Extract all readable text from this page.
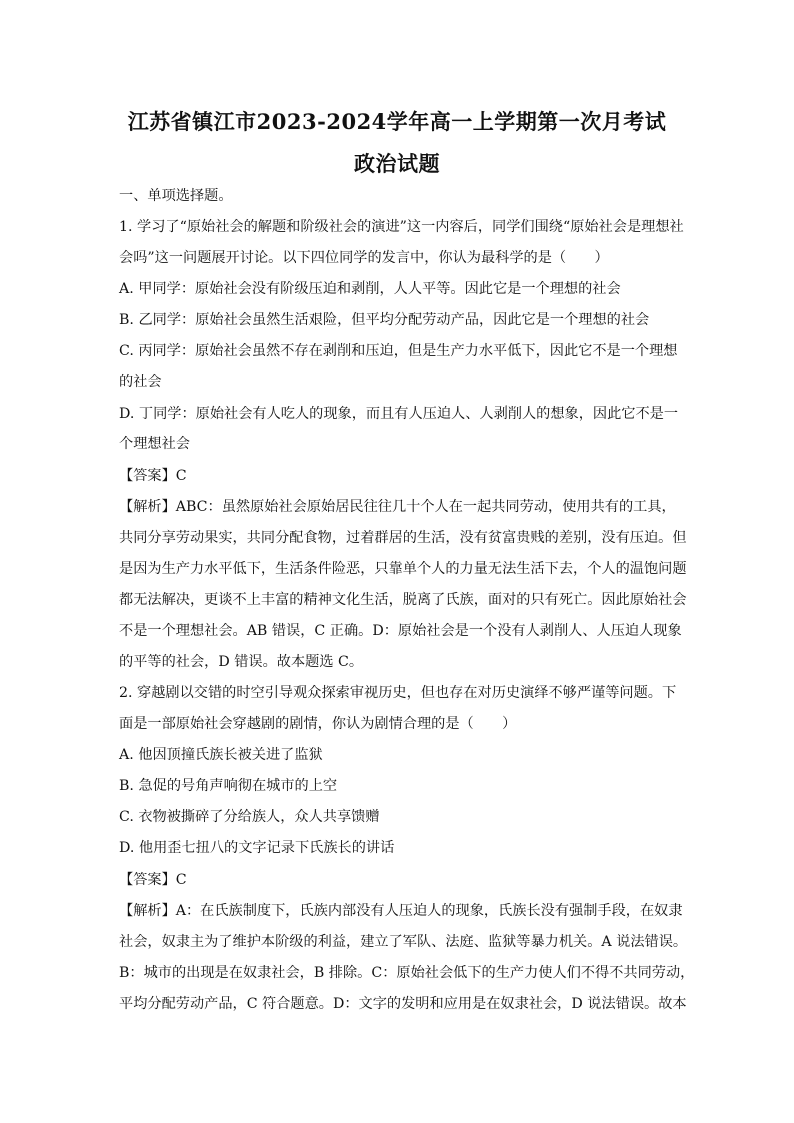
江苏省镇江市2023-2024学年高一上学期第一次月考试
政治试题
一、单项选择题。
1. 学习了“原始社会的解题和阶级社会的演进”这一内容后，同学们围绕“原始社会是理想社
会吗”这一问题展开讨论。以下四位同学的发言中，你认为最科学的是（　　）
A. 甲同学：原始社会没有阶级压迫和剥削，人人平等。因此它是一个理想的社会
B. 乙同学：原始社会虽然生活艰险，但平均分配劳动产品，因此它是一个理想的社会
C. 丙同学：原始社会虽然不存在剥削和压迫，但是生产力水平低下，因此它不是一个理想
的社会
D. 丁同学：原始社会有人吃人的现象，而且有人压迫人、人剥削人的想象，因此它不是一
个理想社会
【答案】C
【解析】ABC：虽然原始社会原始居民往往几十个人在一起共同劳动，使用共有的工具，
共同分享劳动果实，共同分配食物，过着群居的生活，没有贫富贵贱的差别，没有压迫。但
是因为生产力水平低下，生活条件险恶，只靠单个人的力量无法生活下去，个人的温饱问题
都无法解决，更谈不上丰富的精神文化生活，脱离了氏族，面对的只有死亡。因此原始社会
不是一个理想社会。AB 错误，C 正确。D：原始社会是一个没有人剥削人、人压迫人现象
的平等的社会，D 错误。故本题选 C。
2. 穿越剧以交错的时空引导观众探索审视历史，但也存在对历史演绎不够严谨等问题。下
面是一部原始社会穿越剧的剧情，你认为剧情合理的是（　　）
A. 他因顶撞氏族长被关进了监狱
B. 急促的号角声响彻在城市的上空
C. 衣物被撕碎了分给族人，众人共享馈赠
D. 他用歪七扭八的文字记录下氏族长的讲话
【答案】C
【解析】A：在氏族制度下，氏族内部没有人压迫人的现象，氏族长没有强制手段，在奴隶
社会，奴隶主为了维护本阶级的利益，建立了军队、法庭、监狱等暴力机关。A 说法错误。
B：城市的出现是在奴隶社会，B 排除。C：原始社会低下的生产力使人们不得不共同劳动，
平均分配劳动产品，C 符合题意。D：文字的发明和应用是在奴隶社会，D 说法错误。故本
